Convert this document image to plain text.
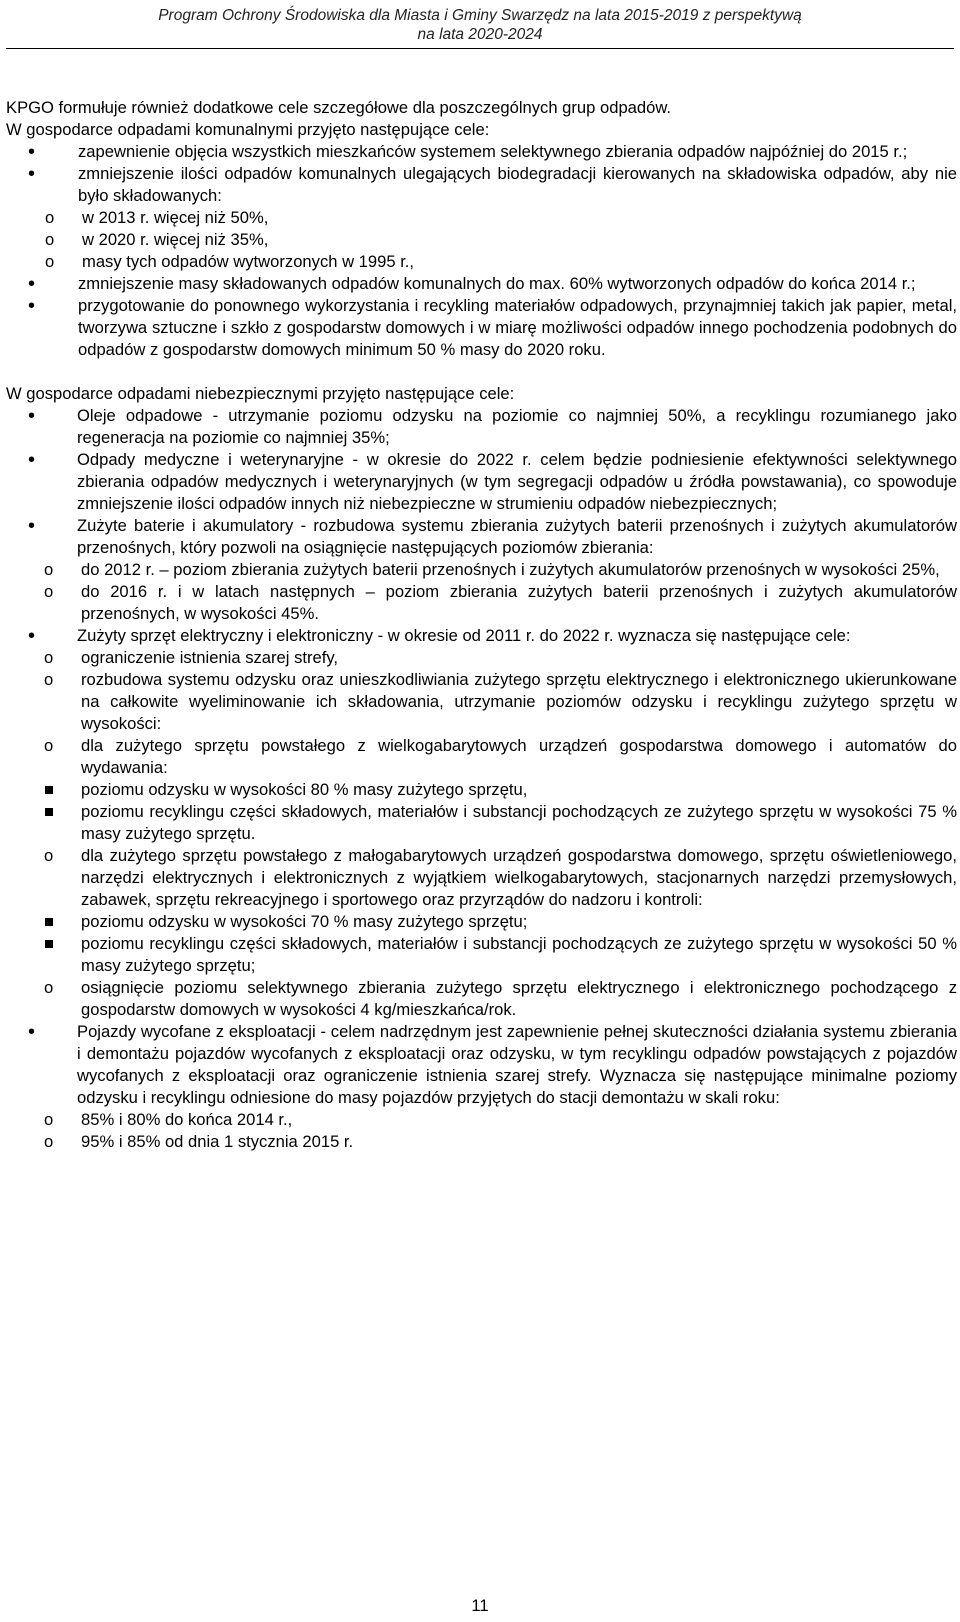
Program Ochrony Środowiska dla Miasta i Gminy Swarzędz na lata 2015-2019 z perspektywą
na lata 2020-2024

KPGO formułuje również dodatkowe cele szczegółowe dla poszczególnych grup odpadów.

W gospodarce odpadami komunalnymi przyjęto następujące cele:

• zapewnienie objęcia wszystkich mieszkańców systemem selektywnego zbierania odpadów najpóźniej do 2015 r.;
• zmniejszenie ilości odpadów komunalnych ulegających biodegradacji kierowanych na składowiska odpadów, aby nie było składowanych:
o w 2013 r. więcej niż 50%,
o w 2020 r. więcej niż 35%,
o masy tych odpadów wytworzonych w 1995 r.,
• zmniejszenie masy składowanych odpadów komunalnych do max. 60% wytworzonych odpadów do końca 2014 r.;
• przygotowanie do ponownego wykorzystania i recykling materiałów odpadowych, przynajmniej takich jak papier, metal, tworzywa sztuczne i szkło z gospodarstw domowych i w miarę możliwości odpadów innego pochodzenia podobnych do odpadów z gospodarstw domowych minimum 50 % masy do 2020 roku.

W gospodarce odpadami niebezpiecznymi przyjęto następujące cele:

• Oleje odpadowe - utrzymanie poziomu odzysku na poziomie co najmniej 50%, a recyklingu rozumianego jako regeneracja na poziomie co najmniej 35%;
• Odpady medyczne i weterynaryjne - w okresie do 2022 r. celem będzie podniesienie efektywności selektywnego zbierania odpadów medycznych i weterynaryjnych (w tym segregacji odpadów u źródła powstawania), co spowoduje zmniejszenie ilości odpadów innych niż niebezpieczne w strumieniu odpadów niebezpiecznych;
• Zużyte baterie i akumulatory - rozbudowa systemu zbierania zużytych baterii przenośnych i zużytych akumulatorów przenośnych, który pozwoli na osiągnięcie następujących poziomów zbierania:
o do 2012 r. – poziom zbierania zużytych baterii przenośnych i zużytych akumulatorów przenośnych w wysokości 25%,
o do 2016 r. i w latach następnych – poziom zbierania zużytych baterii przenośnych i zużytych akumulatorów przenośnych, w wysokości 45%.
• Zużyty sprzęt elektryczny i elektroniczny - w okresie od 2011 r. do 2022 r. wyznacza się następujące cele:
o ograniczenie istnienia szarej strefy,
o rozbudowa systemu odzysku oraz unieszkodliwiania zużytego sprzętu elektrycznego i elektronicznego ukierunkowane na całkowite wyeliminowanie ich składowania, utrzymanie poziomów odzysku i recyklingu zużytego sprzętu w wysokości:
o dla zużytego sprzętu powstałego z wielkogabarytowych urządzeń gospodarstwa domowego i automatów do wydawania:
poziomu odzysku w wysokości 80 % masy zużytego sprzętu,
poziomu recyklingu części składowych, materiałów i substancji pochodzących ze zużytego sprzętu w wysokości 75 % masy zużytego sprzętu.
o dla zużytego sprzętu powstałego z małogabarytowych urządzeń gospodarstwa domowego, sprzętu oświetleniowego, narzędzi elektrycznych i elektronicznych z wyjątkiem wielkogabarytowych, stacjonarnych narzędzi przemysłowych, zabawek, sprzętu rekreacyjnego i sportowego oraz przyrządów do nadzoru i kontroli:
poziomu odzysku w wysokości 70 % masy zużytego sprzętu;
poziomu recyklingu części składowych, materiałów i substancji pochodzących ze zużytego sprzętu w wysokości 50 % masy zużytego sprzętu;
o osiągnięcie poziomu selektywnego zbierania zużytego sprzętu elektrycznego i elektronicznego pochodzącego z gospodarstw domowych w wysokości 4 kg/mieszkańca/rok.
• Pojazdy wycofane z eksploatacji - celem nadrzędnym jest zapewnienie pełnej skuteczności działania systemu zbierania i demontażu pojazdów wycofanych z eksploatacji oraz odzysku, w tym recyklingu odpadów powstających z pojazdów wycofanych z eksploatacji oraz ograniczenie istnienia szarej strefy. Wyznacza się następujące minimalne poziomy odzysku i recyklingu odniesione do masy pojazdów przyjętych do stacji demontażu w skali roku:
o 85% i 80% do końca 2014 r.,
o 95% i 85% od dnia 1 stycznia 2015 r.
11
